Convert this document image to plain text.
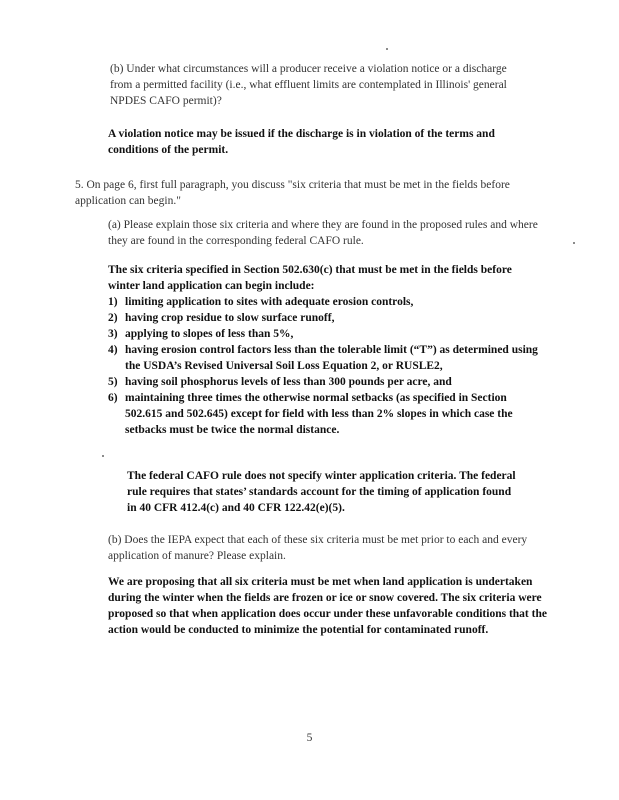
(b) Under what circumstances will a producer receive a violation notice or a discharge from a permitted facility (i.e., what effluent limits are contemplated in Illinois' general NPDES CAFO permit)?

A violation notice may be issued if the discharge is in violation of the terms and conditions of the permit.

5. On page 6, first full paragraph, you discuss "six criteria that must be met in the fields before application can begin."

(a) Please explain those six criteria and where they are found in the proposed rules and where they are found in the corresponding federal CAFO rule.

The six criteria specified in Section 502.630(c) that must be met in the fields before winter land application can begin include:

1) limiting application to sites with adequate erosion controls,
2) having crop residue to slow surface runoff,
3) applying to slopes of less than 5%,
4) having erosion control factors less than the tolerable limit (“T”) as determined using the USDA’s Revised Universal Soil Loss Equation 2, or RUSLE2,
5) having soil phosphorus levels of less than 300 pounds per acre, and
6) maintaining three times the otherwise normal setbacks (as specified in Section 502.615 and 502.645) except for field with less than 2% slopes in which case the setbacks must be twice the normal distance.

The federal CAFO rule does not specify winter application criteria. The federal rule requires that states’ standards account for the timing of application found in 40 CFR 412.4(c) and 40 CFR 122.42(e)(5).

(b) Does the IEPA expect that each of these six criteria must be met prior to each and every application of manure? Please explain.

We are proposing that all six criteria must be met when land application is undertaken during the winter when the fields are frozen or ice or snow covered. The six criteria were proposed so that when application does occur under these unfavorable conditions that the action would be conducted to minimize the potential for contaminated runoff.

5
